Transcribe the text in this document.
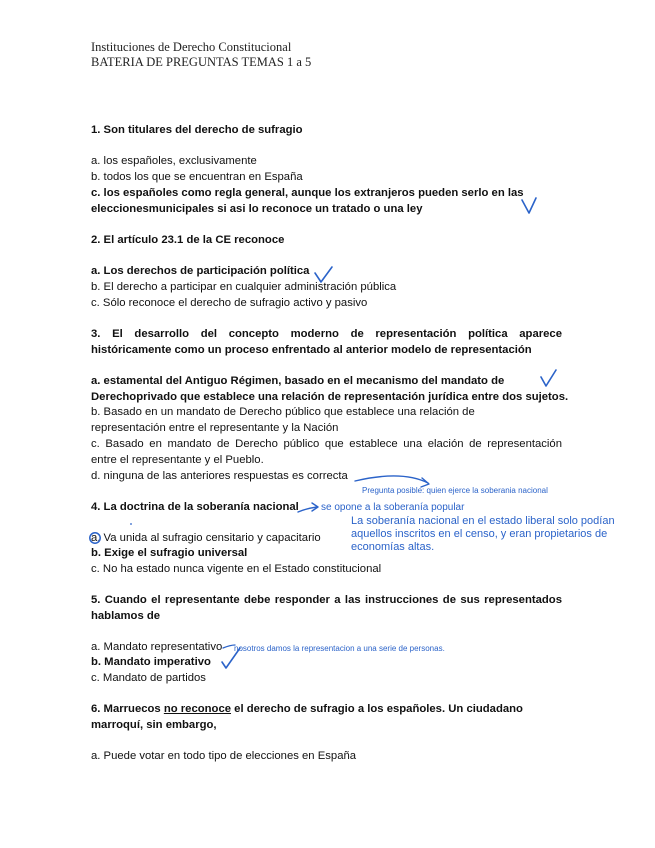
Instituciones de Derecho Constitucional
BATERIA DE PREGUNTAS TEMAS 1 a 5
1. Son titulares del derecho de sufragio
a. los españoles, exclusivamente
b. todos los que se encuentran en España
c. los españoles como regla general, aunque los extranjeros pueden serlo en las
eleccionesmunicipales si asi lo reconoce un tratado o una ley
2. El artículo 23.1 de la CE reconoce
a. Los derechos de participación política
b. El derecho a participar en cualquier administración pública
c. Sólo reconoce el derecho de sufragio activo y pasivo
3. El desarrollo del concepto moderno de representación política aparece
históricamente como un proceso enfrentado al anterior modelo de representación
a. estamental del Antiguo Régimen, basado en el mecanismo del mandato de
Derechoprivado que establece una relación de representación jurídica entre dos sujetos.
b. Basado en un mandato de Derecho público que establece una relación de
representación entre el representante y la Nación
c. Basado en mandato de Derecho público que establece una elación de representación
entre el representante y el Pueblo.
d. ninguna de las anteriores respuestas es correcta
4. La doctrina de la soberanía nacional
a. Va unida al sufragio censitario y capacitario
b. Exige el sufragio universal
c. No ha estado nunca vigente en el Estado constitucional
5. Cuando el representante debe responder a las instrucciones de sus representados
hablamos de
a. Mandato representativo
b. Mandato imperativo
c. Mandato de partidos
6. Marruecos no reconoce el derecho de sufragio a los españoles. Un ciudadano
marroquí, sin embargo,
a. Puede votar en todo tipo de elecciones en España
Pregunta posible: quien ejerce la soberania nacional
se opone a la soberanía popular
La soberanía nacional en el estado liberal solo podían aquellos inscritos en el censo, y eran propietarios de economías altas.
nosotros damos la representacion a una serie de personas.
